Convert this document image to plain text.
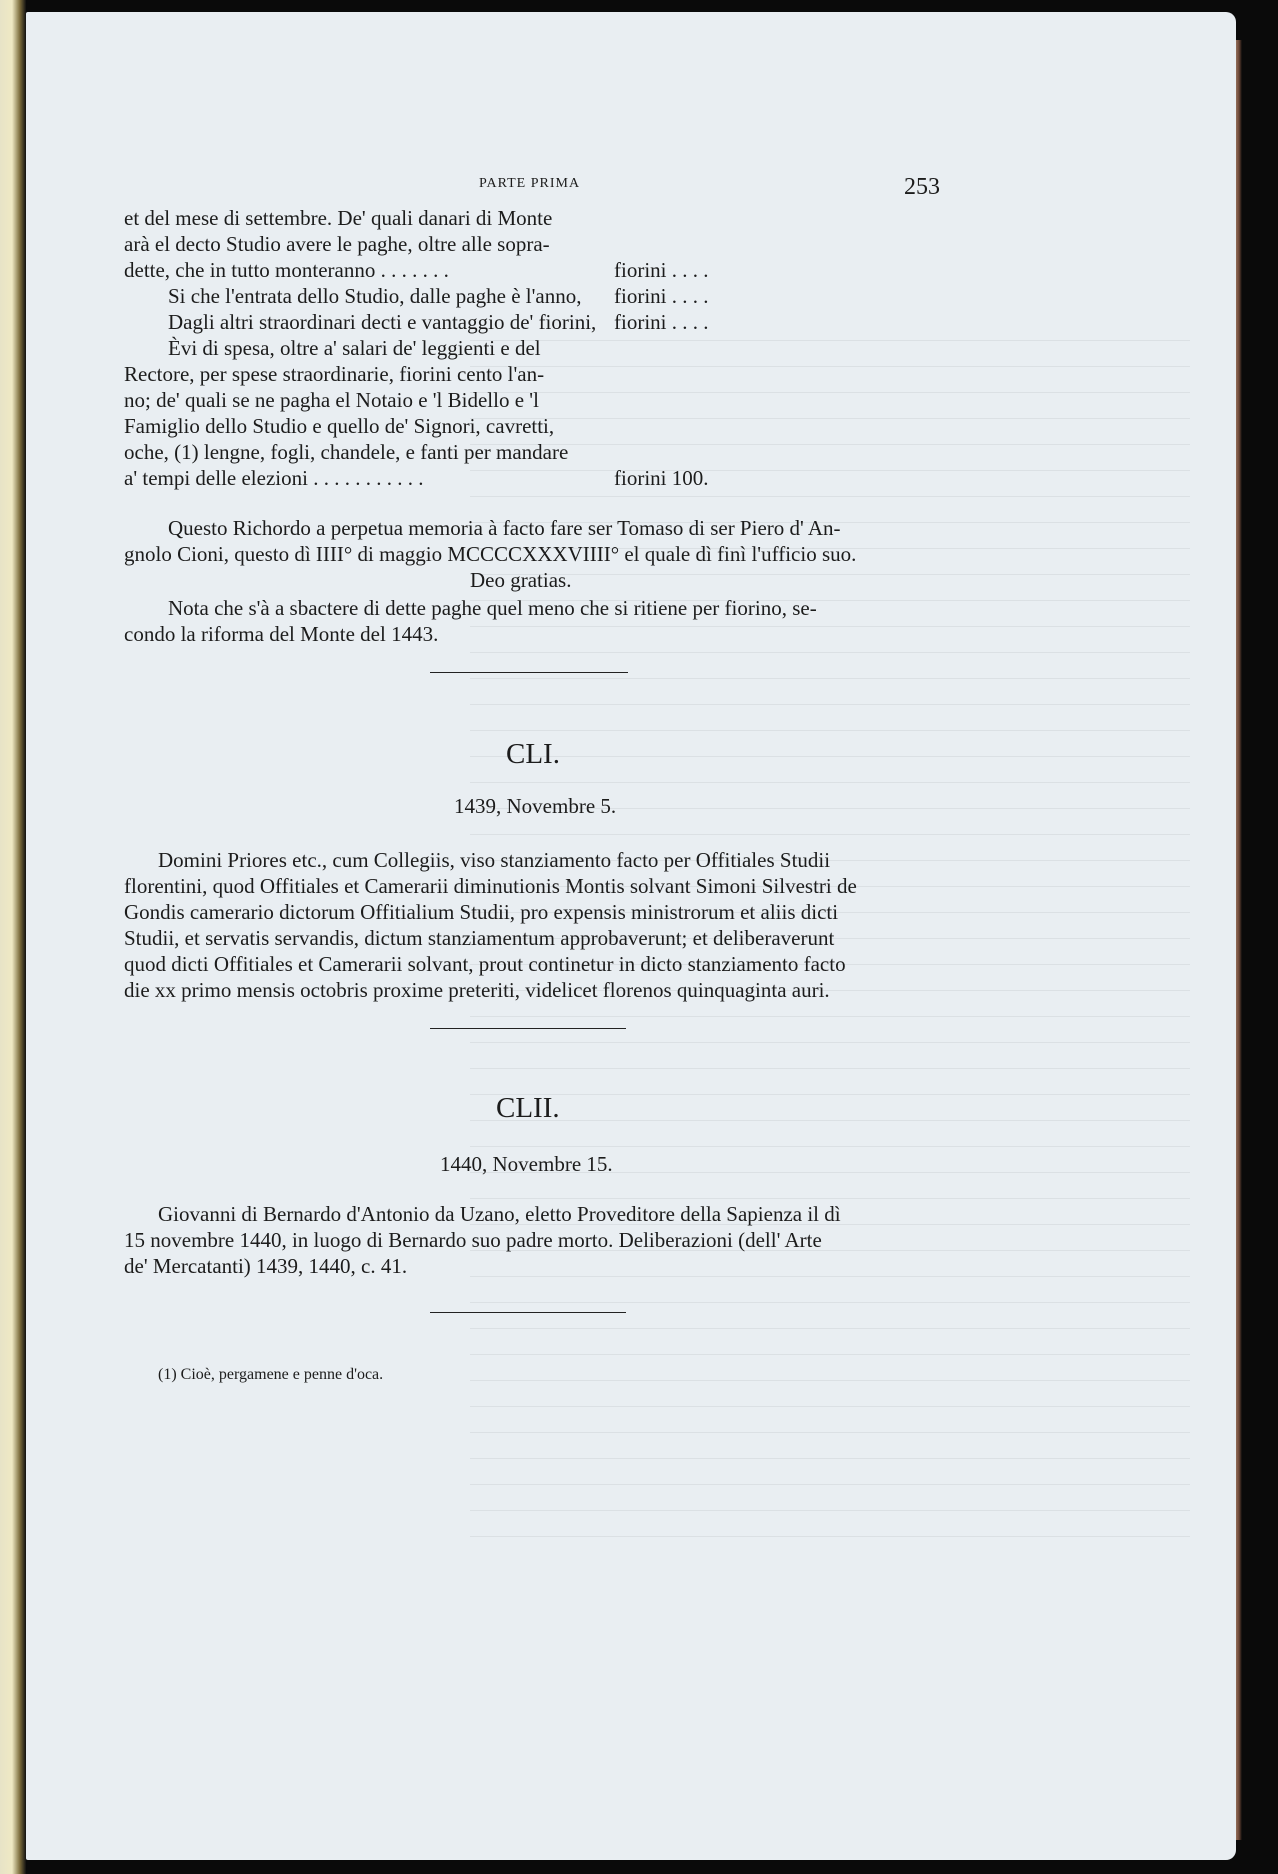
PARTE PRIMA	253
et del mese di settembre. De' quali danari di Monte
arà el decto Studio avere le paghe, oltre alle sopra-
dette, che in tutto monteranno . . . . . . .	fiorini . . . .
Si che l'entrata dello Studio, dalle paghe è l'anno, fiorini . . . .
Dagli altri straordinari decti e vantaggio de' fiorini, fiorini . . . .
Èvi di spesa, oltre a' salari de' leggienti e del
Rectore, per spese straordinarie, fiorini cento l'an-
no; de' quali se ne pagha el Notaio e 'l Bidello e 'l
Famiglio dello Studio e quello de' Signori, cavretti,
oche, (1) lengne, fogli, chandele, e fanti per mandare
a' tempi delle elezioni . . . . . . . . . . .	fiorini 100.
Questo Richordo a perpetua memoria à facto fare ser Tomaso di ser Piero d' An-
gnolo Cioni, questo dì IIII° di maggio MCCCCXXXVIIII° el quale dì finì l'ufficio suo.
Deo gratias.
Nota che s'à a sbactere di dette paghe quel meno che si ritiene per fiorino, se-
condo la riforma del Monte del 1443.
CLI.
1439, Novembre 5.
Domini Priores etc., cum Collegiis, viso stanziamento facto per Offitiales Studii
florentini, quod Offitiales et Camerarii diminutionis Montis solvant Simoni Silvestri de
Gondis camerario dictorum Offitialium Studii, pro expensis ministrorum et aliis dicti
Studii, et servatis servandis, dictum stanziamentum approbaverunt; et deliberaverunt
quod dicti Offitiales et Camerarii solvant, prout continetur in dicto stanziamento facto
die xx primo mensis octobris proxime preteriti, videlicet florenos quinquaginta auri.
CLII.
1440, Novembre 15.
Giovanni di Bernardo d'Antonio da Uzano, eletto Proveditore della Sapienza il dì
15 novembre 1440, in luogo di Bernardo suo padre morto. Deliberazioni (dell' Arte
de' Mercatanti) 1439, 1440, c. 41.
(1) Cioè, pergamene e penne d'oca.
